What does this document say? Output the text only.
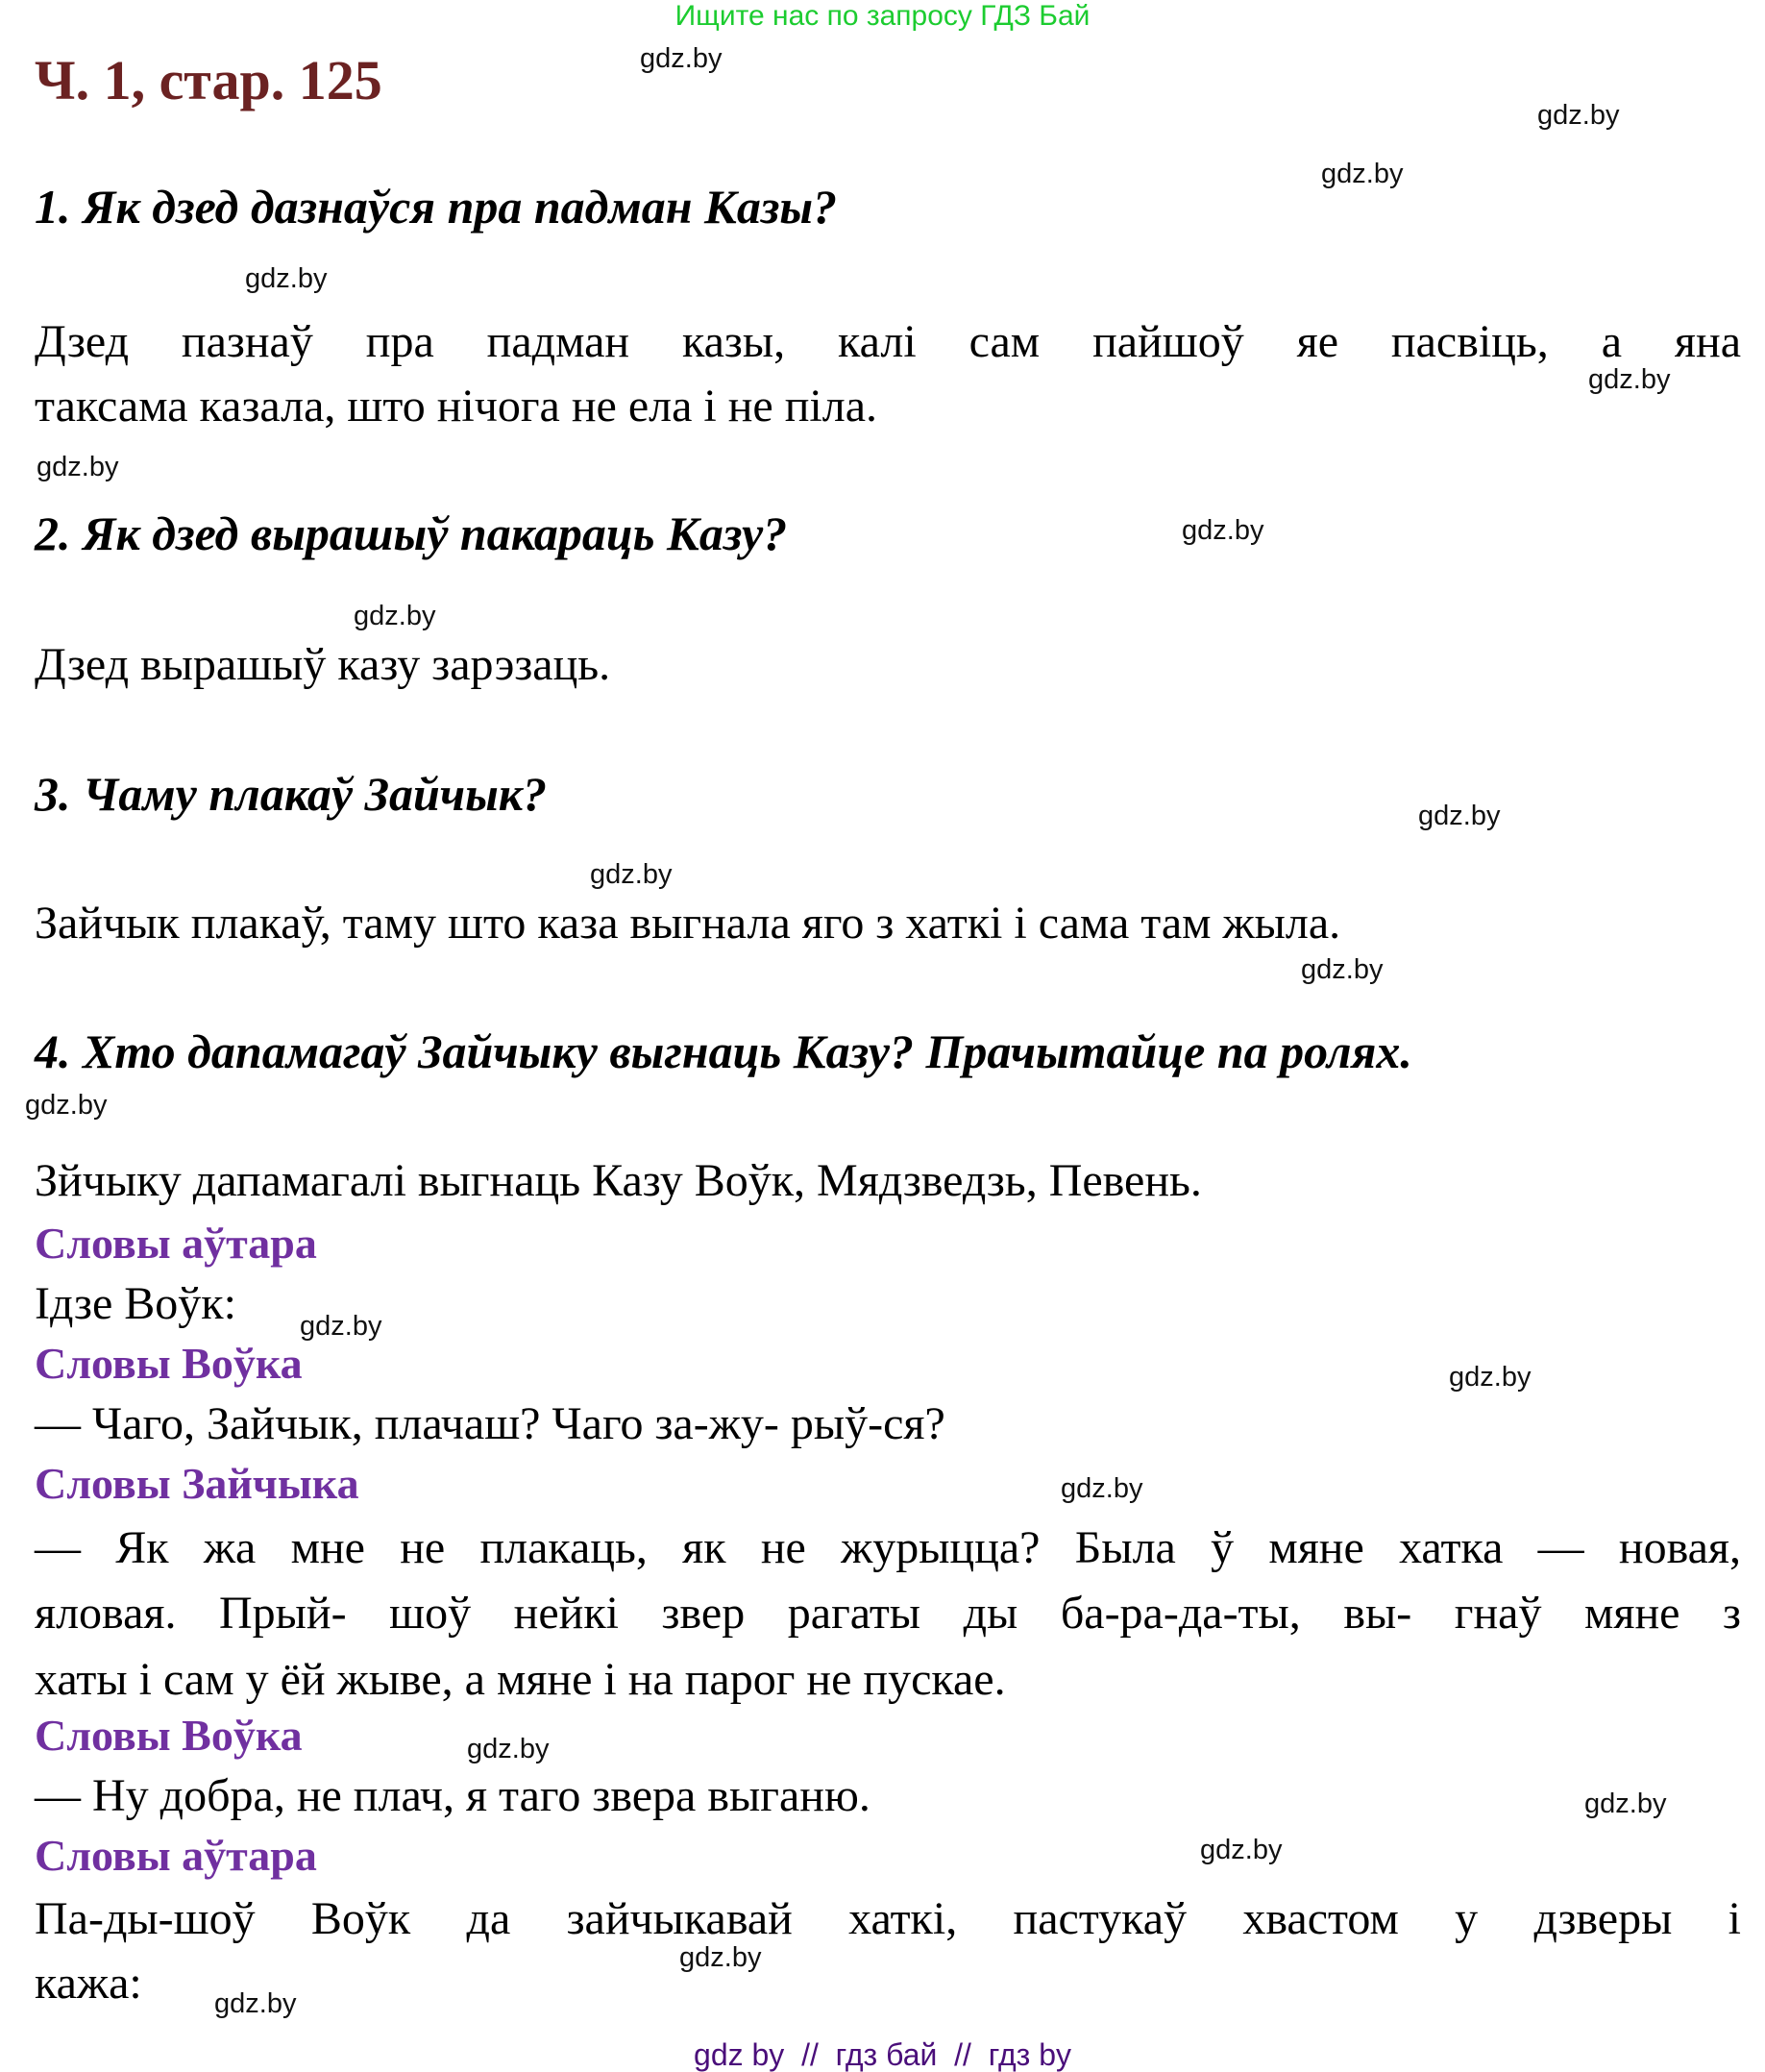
Ищите нас по запросу ГДЗ Бай
Ч. 1, стар. 125
1. Як дзед дазнаўся пра падман Казы?
Дзед пазнаў пра падман казы, калі сам пайшоў яе пасвіць, а яна
таксама казала, што нічога не ела і не піла.
2. Як дзед вырашыў пакараць Казу?
Дзед вырашыў казу зарэзаць.
3. Чаму плакаў Зайчык?
Зайчык плакаў, таму што каза выгнала яго з хаткі і сама там жыла.
4. Хто дапамагаў Зайчыку выгнаць Казу? Прачытайце па ролях.
Зйчыку дапамагалі выгнаць Казу Воўк, Мядзведзь, Певень.
Словы аўтара
Ідзе Воўк:
Словы Воўка
— Чаго, Зайчык, плачаш? Чаго за-жу- рыў-ся?
Словы Зайчыка
— Як жа мне не плакаць, як не журыцца? Была ў мяне хатка — новая,
яловая. Прый- шоў нейкі звер рагаты ды ба-ра-да-ты, вы- гнаў мяне з
хаты і сам у ёй жыве, а мяне і на парог не пускае.
Словы Воўка
— Ну добра, не плач, я таго звера выганю.
Словы аўтара
Па-ды-шоў Воўк да зайчыкавай хаткі, пастукаў хвастом у дзверы і
кажа:
gdz.by
gdz.by
gdz.by
gdz.by
gdz.by
gdz.by
gdz.by
gdz.by
gdz.by
gdz.by
gdz.by
gdz.by
gdz.by
gdz.by
gdz.by
gdz.by
gdz.by
gdz.by
gdz.by
gdz.by
gdz by  //  гдз бай  //  гдз by
